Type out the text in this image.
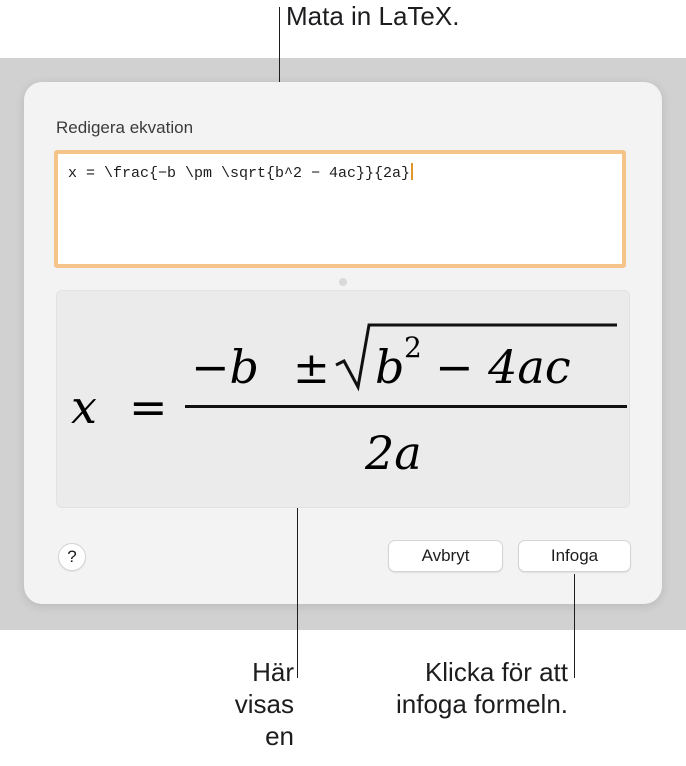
Mata in LaTeX.
Redigera ekvation
x = \frac{−b \pm \sqrt{b^2 − 4ac}}{2a}
x =
−b ± b 2 − 4ac
2a
?	Avbryt	Infoga
Här
visas
en
Klicka för att
infoga formeln.
